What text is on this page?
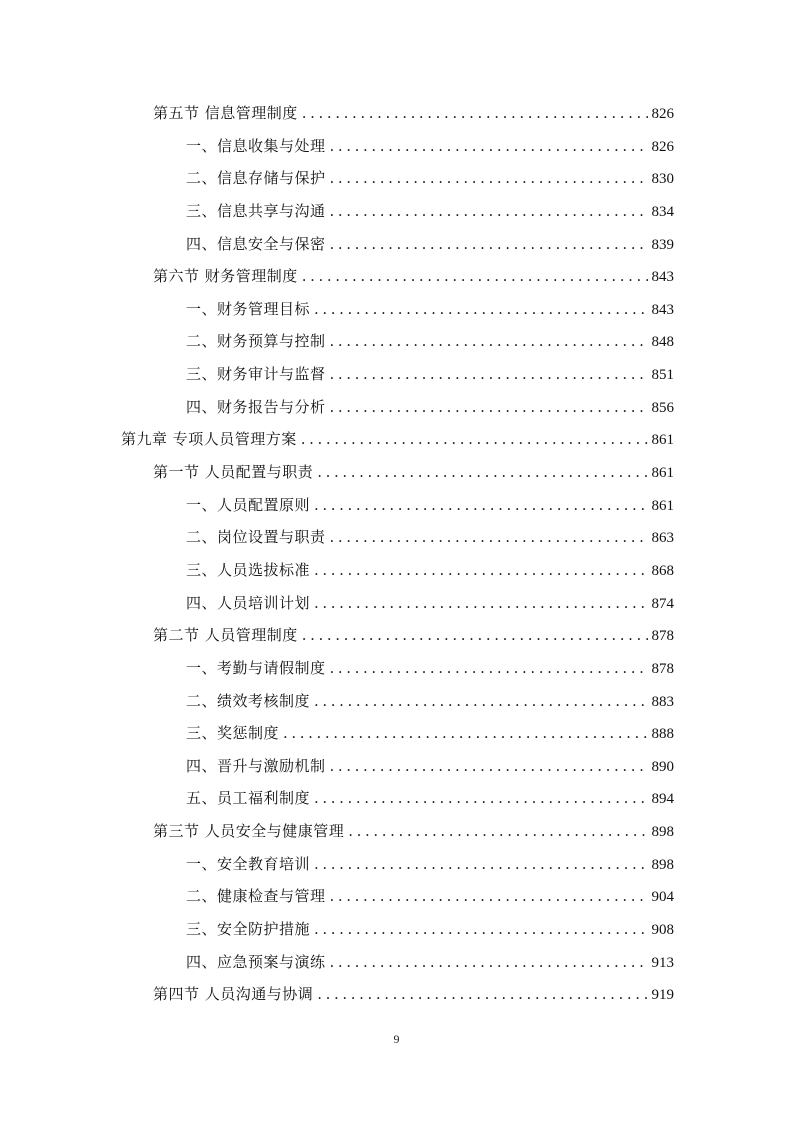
第五节 信息管理制度 .....	826
一、信息收集与处理 .....	826
二、信息存储与保护 .....	830
三、信息共享与沟通 .....	834
四、信息安全与保密 .....	839
第六节 财务管理制度 .....	843
一、财务管理目标 .....	843
二、财务预算与控制 .....	848
三、财务审计与监督 .....	851
四、财务报告与分析 .....	856
第九章 专项人员管理方案 .....	861
第一节 人员配置与职责 .....	861
一、人员配置原则 .....	861
二、岗位设置与职责 .....	863
三、人员选拔标准 .....	868
四、人员培训计划 .....	874
第二节 人员管理制度 .....	878
一、考勤与请假制度 .....	878
二、绩效考核制度 .....	883
三、奖惩制度 .....	888
四、晋升与激励机制 .....	890
五、员工福利制度 .....	894
第三节 人员安全与健康管理 .....	898
一、安全教育培训 .....	898
二、健康检查与管理 .....	904
三、安全防护措施 .....	908
四、应急预案与演练 .....	913
第四节 人员沟通与协调 .....	919
9
